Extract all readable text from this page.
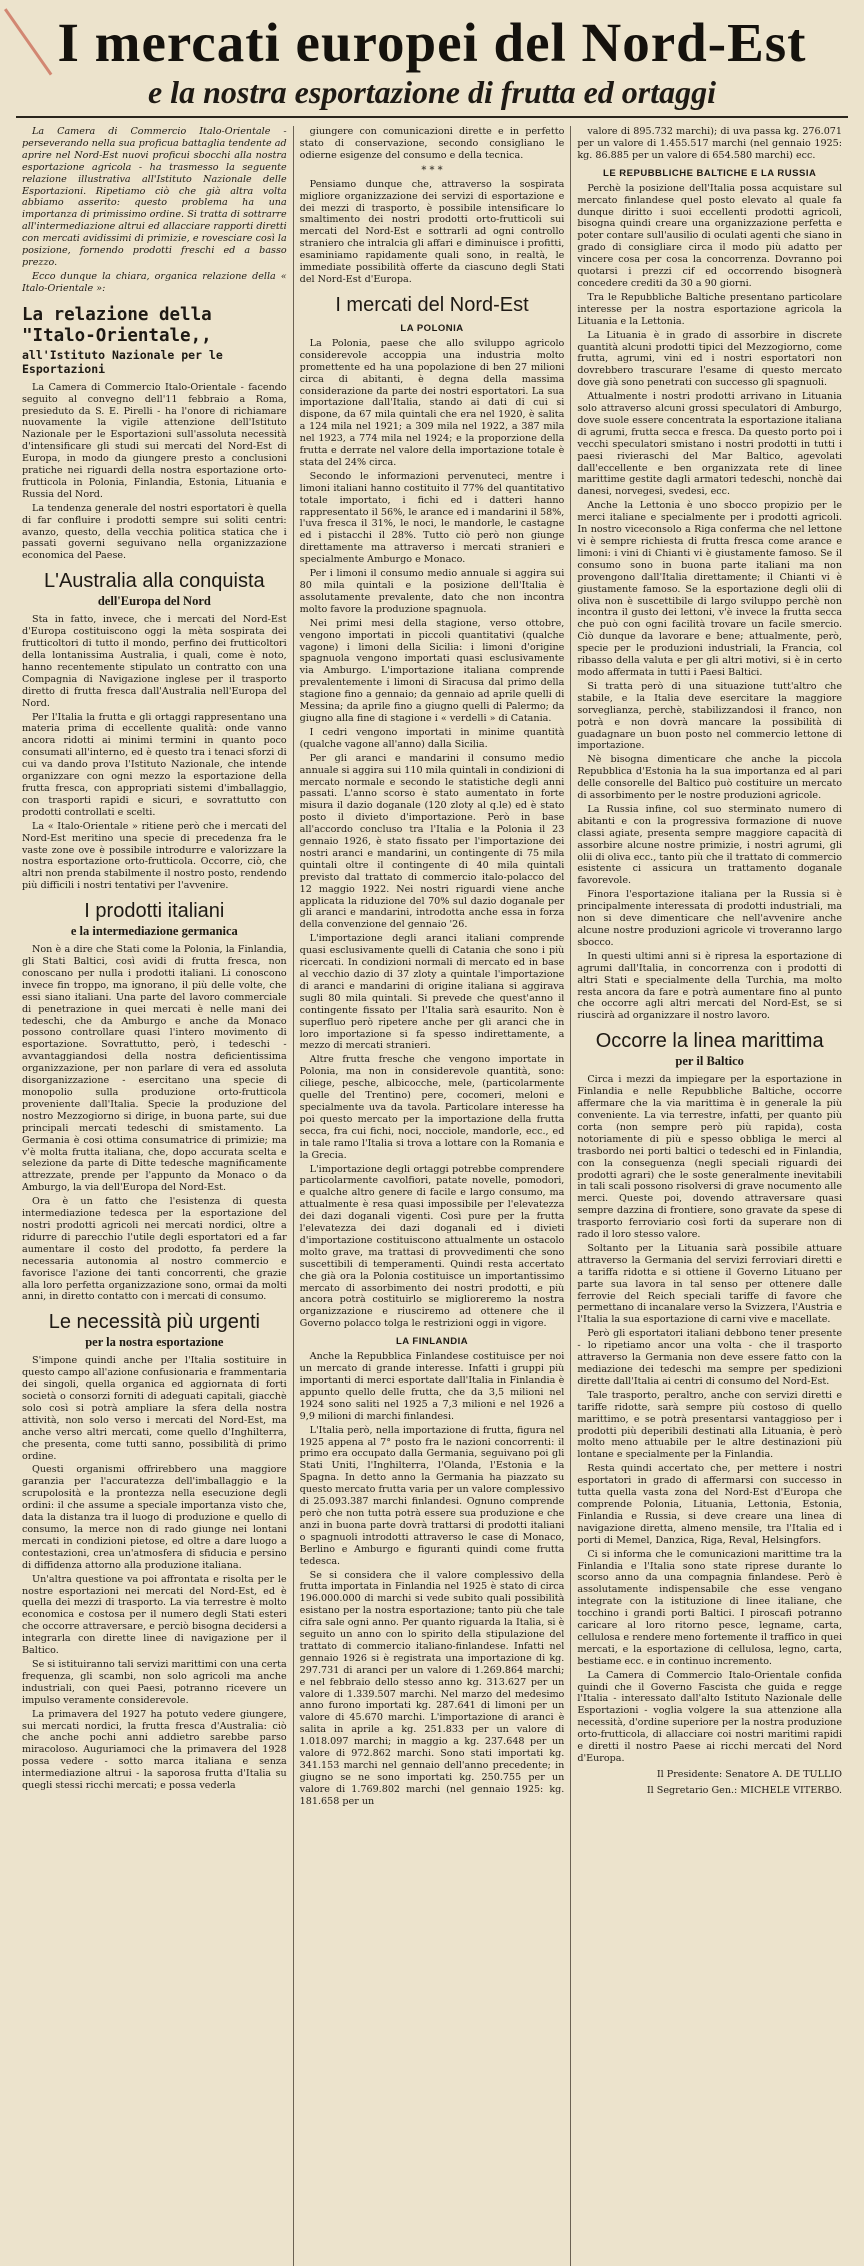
I mercati europei del Nord-Est
e la nostra esportazione di frutta ed ortaggi

La Camera di Commercio Italo-Orientale - perseverando nella sua proficua battaglia tendente ad aprire nel Nord-Est nuovi proficui sbocchi alla nostra esportazione agricola - ha trasmesso la seguente relazione illustrativa all'Istituto Nazionale delle Esportazioni. Ripetiamo ciò che già altra volta abbiamo asserito: questo problema ha una importanza di primissimo ordine. Si tratta di sottrarre all'intermediazione altrui ed allacciare rapporti diretti con mercati avidissimi di primizie, e rovesciare così la posizione, fornendo prodotti freschi ed a basso prezzo.

Ecco dunque la chiara, organica relazione della « Italo-Orientale »:

La relazione della "Italo-Orientale,,
all'Istituto Nazionale per le Esportazioni

La Camera di Commercio Italo-Orientale - facendo seguito al convegno dell'11 febbraio a Roma, presieduto da S. E. Pirelli - ha l'onore di richiamare nuovamente la vigile attenzione dell'Istituto Nazionale per le Esportazioni sull'assoluta necessità d'intensificare gli studi sui mercati del Nord-Est di Europa, in modo da giungere presto a conclusioni pratiche nei riguardi della nostra esportazione orto-frutticola in Polonia, Finlandia, Estonia, Lituania e Russia del Nord.

La tendenza generale del nostri esportatori è quella di far confluire i prodotti sempre sui soliti centri: avanzo, questo, della vecchia politica statica che i passati governi seguivano nella organizzazione economica del Paese.

L'Australia alla conquista
dell'Europa del Nord

Sta in fatto, invece, che i mercati del Nord-Est d'Europa costituiscono oggi la mèta sospirata dei frutticoltori di tutto il mondo, perfino dei frutticoltori della lontanissima Australia, i quali, come è noto, hanno recentemente stipulato un contratto con una Compagnia di Navigazione inglese per il trasporto diretto di frutta fresca dall'Australia nell'Europa del Nord.

Per l'Italia la frutta e gli ortaggi rappresentano una materia prima di eccellente qualità: onde vanno ancora ridotti ai minimi termini in quanto poco consumati all'interno, ed è questo tra i tenaci sforzi di cui va dando prova l'Istituto Nazionale, che intende organizzare con ogni mezzo la esportazione della frutta fresca, con appropriati sistemi d'imballaggio, con trasporti rapidi e sicuri, e sovrattutto con prodotti controllati e scelti.

La « Italo-Orientale » ritiene però che i mercati del Nord-Est meritino una specie di precedenza fra le vaste zone ove è possibile introdurre e valorizzare la nostra esportazione orto-frutticola. Occorre, ciò, che altri non prenda stabilmente il nostro posto, rendendo più difficili i nostri tentativi per l'avvenire.

I prodotti italiani
e la intermediazione germanica

Non è a dire che Stati come la Polonia, la Finlandia, gli Stati Baltici, così avidi di frutta fresca, non conoscano per nulla i prodotti italiani. Li conoscono invece fin troppo, ma ignorano, il più delle volte, che essi siano italiani. Una parte del lavoro commerciale di penetrazione in quei mercati è nelle mani dei tedeschi, che da Amburgo e anche da Monaco possono controllare quasi l'intero movimento di esportazione. Sovrattutto, però, i tedeschi - avvantaggiandosi della nostra deficientissima organizzazione, per non parlare di vera ed assoluta disorganizzazione - esercitano una specie di monopolio sulla produzione orto-frutticola proveniente dall'Italia. Specie la produzione del nostro Mezzogiorno si dirige, in buona parte, sui due principali mercati tedeschi di smistamento. La Germania è cosi ottima consumatrice di primizie; ma v'è molta frutta italiana, che, dopo accurata scelta e selezione da parte di Ditte tedesche magnificamente attrezzate, prende per l'appunto da Monaco o da Amburgo, la via dell'Europa del Nord-Est.

Ora è un fatto che l'esistenza di questa intermediazione tedesca per la esportazione del nostri prodotti agricoli nei mercati nordici, oltre a ridurre di parecchio l'utile degli esportatori ed a far aumentare il costo del prodotto, fa perdere la necessaria autonomia al nostro commercio e favorisce l'azione dei tanti concorrenti, che grazie alla loro perfetta organizzazione sono, ormai da molti anni, in diretto contatto con i mercati di consumo.

Le necessità più urgenti
per la nostra esportazione

S'impone quindi anche per l'Italia sostituire in questo campo all'azione confusionaria e frammentaria dei singoli, quella organica ed aggiornata di forti società o consorzi forniti di adeguati capitali, giacchè solo così si potrà ampliare la sfera della nostra attività, non solo verso i mercati del Nord-Est, ma anche verso altri mercati, come quello d'Inghilterra, che presenta, come tutti sanno, possibilità di primo ordine.

Questi organismi offrirebbero una maggiore garanzia per l'accuratezza dell'imballaggio e la scrupolosità e la prontezza nella esecuzione degli ordini: il che assume a speciale importanza visto che, data la distanza tra il luogo di produzione e quello di consumo, la merce non di rado giunge nei lontani mercati in condizioni pietose, ed oltre a dare luogo a contestazioni, crea un'atmosfera di sfiducia e persino di diffidenza attorno alla produzione italiana.

Un'altra questione va poi affrontata e risolta per le nostre esportazioni nei mercati del Nord-Est, ed è quella dei mezzi di trasporto. La via terrestre è molto economica e costosa per il numero degli Stati esteri che occorre attraversare, e perciò bisogna decidersi a integrarla con dirette linee di navigazione per il Baltico.

Se si istituiranno tali servizi marittimi con una certa frequenza, gli scambi, non solo agricoli ma anche industriali, con quei Paesi, potranno ricevere un impulso veramente considerevole.

La primavera del 1927 ha potuto vedere giungere, sui mercati nordici, la frutta fresca d'Australia: ciò che anche pochi anni addietro sarebbe parso miracoloso. Auguriamoci che la primavera del 1928 possa vedere - sotto marca italiana e senza intermediazione altrui - la saporosa frutta d'Italia su quegli stessi ricchi mercati; e possa vederla

giungere con comunicazioni dirette e in perfetto stato di conservazione, secondo consigliano le odierne esigenze del consumo e della tecnica.

* * *

Pensiamo dunque che, attraverso la sospirata migliore organizzazione dei servizi di esportazione e dei mezzi di trasporto, è possibile intensificare lo smaltimento dei nostri prodotti orto-frutticoli sui mercati del Nord-Est e sottrarli ad ogni controllo straniero che intralcia gli affari e diminuisce i profitti, esaminiamo rapidamente quali sono, in realtà, le immediate possibilità offerte da ciascuno degli Stati del Nord-Est d'Europa.

I mercati del Nord-Est
LA POLONIA

La Polonia, paese che allo sviluppo agricolo considerevole accoppia una industria molto promettente ed ha una popolazione di ben 27 milioni circa di abitanti, è degna della massima considerazione da parte dei nostri esportatori. La sua importazione dall'Italia, stando ai dati di cui si dispone, da 67 mila quintali che era nel 1920, è salita a 124 mila nel 1921; a 309 mila nel 1922, a 387 mila nel 1923, a 774 mila nel 1924; e la proporzione della frutta e derrate nel valore della importazione totale è stata del 24% circa.

Secondo le informazioni pervenuteci, mentre i limoni italiani hanno costituito il 77% del quantitativo totale importato, i fichi ed i datteri hanno rappresentato il 56%, le arance ed i mandarini il 58%, l'uva fresca il 31%, le noci, le mandorle, le castagne ed i pistacchi il 28%. Tutto ciò però non giunge direttamente ma attraverso i mercati stranieri e specialmente Amburgo e Monaco.

Per i limoni il consumo medio annuale si aggira sui 80 mila quintali e la posizione dell'Italia è assolutamente prevalente, dato che non incontra molto favore la produzione spagnuola.

Nei primi mesi della stagione, verso ottobre, vengono importati in piccoli quantitativi (qualche vagone) i limoni della Sicilia: i limoni d'origine spagnuola vengono importati quasi esclusivamente via Amburgo. L'importazione italiana comprende prevalentemente i limoni di Siracusa dal primo della stagione fino a gennaio; da gennaio ad aprile quelli di Messina; da aprile fino a giugno quelli di Palermo; da giugno alla fine di stagione i « verdelli » di Catania.

I cedri vengono importati in minime quantità (qualche vagone all'anno) dalla Sicilia.

Per gli aranci e mandarini il consumo medio annuale si aggira sui 110 mila quintali in condizioni di mercato normale e secondo le statistiche degli anni passati. L'anno scorso è stato aumentato in forte misura il dazio doganale (120 zloty al q.le) ed è stato posto il divieto d'importazione. Però in base all'accordo concluso tra l'Italia e la Polonia il 23 gennaio 1926, è stato fissato per l'importazione dei nostri aranci e mandarini, un contingente di 75 mila quintali oltre il contingente di 40 mila quintali previsto dal trattato di commercio italo-polacco del 12 maggio 1922. Nei nostri riguardi viene anche applicata la riduzione del 70% sul dazio doganale per gli aranci e mandarini, introdotta anche essa in forza della convenzione del gennaio '26.

L'importazione degli aranci italiani comprende quasi esclusivamente quelli di Catania che sono i più ricercati. In condizioni normali di mercato ed in base al vecchio dazio di 37 zloty a quintale l'importazione di aranci e mandarini di origine italiana si aggirava sugli 80 mila quintali. Si prevede che quest'anno il contingente fissato per l'Italia sarà esaurito. Non è superfluo però ripetere anche per gli aranci che in loro importazione si fa spesso indirettamente, a mezzo di mercati stranieri.

Altre frutta fresche che vengono importate in Polonia, ma non in considerevole quantità, sono: ciliege, pesche, albicocche, mele, (particolarmente quelle del Trentino) pere, cocomeri, meloni e specialmente uva da tavola. Particolare interesse ha poi questo mercato per la importazione della frutta secca, fra cui fichi, noci, nocciole, mandorle, ecc., ed in tale ramo l'Italia si trova a lottare con la Romania e la Grecia.

L'importazione degli ortaggi potrebbe comprendere particolarmente cavolfiori, patate novelle, pomodori, e qualche altro genere di facile e largo consumo, ma attualmente è resa quasi impossibile per l'elevatezza dei dazi doganali vigenti. Così pure per la frutta l'elevatezza dei dazi doganali ed i divieti d'importazione costituiscono attualmente un ostacolo molto grave, ma trattasi di provvedimenti che sono suscettibili di temperamenti. Quindi resta accertato che già ora la Polonia costituisce un importantissimo mercato di assorbimento dei nostri prodotti, e più ancora potrà costituirlo se miglioreremo la nostra organizzazione e riusciremo ad ottenere che il Governo polacco tolga le restrizioni oggi in vigore.

LA FINLANDIA

Anche la Repubblica Finlandese costituisce per noi un mercato di grande interesse. Infatti i gruppi più importanti di merci esportate dall'Italia in Finlandia è appunto quello delle frutta, che da 3,5 milioni nel 1924 sono saliti nel 1925 a 7,3 milioni e nel 1926 a 9,9 milioni di marchi finlandesi.

L'Italia però, nella importazione di frutta, figura nel 1925 appena al 7° posto fra le nazioni concorrenti: il primo era occupato dalla Germania, seguivano poi gli Stati Uniti, l'Inghilterra, l'Olanda, l'Estonia e la Spagna. In detto anno la Germania ha piazzato su questo mercato frutta varia per un valore complessivo di 25.093.387 marchi finlandesi. Ognuno comprende però che non tutta potrà essere sua produzione e che anzi in buona parte dovrà trattarsi di prodotti italiani o spagnuoli introdotti attraverso le case di Monaco, Berlino e Amburgo e figuranti quindi come frutta tedesca.

Se si considera che il valore complessivo della frutta importata in Finlandia nel 1925 è stato di circa 196.000.000 di marchi si vede subito quali possibilità esistano per la nostra esportazione; tanto più che tale cifra sale ogni anno. Per quanto riguarda la Italia, si è seguito un anno con lo spirito della stipulazione del trattato di commercio italiano-finlandese. Infatti nel gennaio 1926 si è registrata una importazione di kg. 297.731 di aranci per un valore di 1.269.864 marchi; e nel febbraio dello stesso anno kg. 313.627 per un valore di 1.339.507 marchi. Nel marzo del medesimo anno furono importati kg. 287.641 di limoni per un valore di 45.670 marchi. L'importazione di aranci è salita in aprile a kg. 251.833 per un valore di 1.018.097 marchi; in maggio a kg. 237.648 per un valore di 972.862 marchi. Sono stati importati kg. 341.153 marchi nel gennaio dell'anno precedente; in giugno se ne sono importati kg. 250.755 per un valore di 1.769.802 marchi (nel gennaio 1925: kg. 181.658 per un

valore di 895.732 marchi); di uva passa kg. 276.071 per un valore di 1.455.517 marchi (nel gennaio 1925: kg. 86.885 per un valore di 654.580 marchi) ecc.

LE REPUBBLICHE BALTICHE E LA RUSSIA

Perchè la posizione dell'Italia possa acquistare sul mercato finlandese quel posto elevato al quale fa dunque diritto i suoi eccellenti prodotti agricoli, bisogna quindi creare una organizzazione perfetta e poter contare sull'ausilio di oculati agenti che siano in grado di consigliare circa il modo più adatto per vincere cosa per cosa la concorrenza. Dovranno poi quotarsi i prezzi cif ed occorrendo bisognerà concedere crediti da 30 a 90 giorni.

Tra le Repubbliche Baltiche presentano particolare interesse per la nostra esportazione agricola la Lituania e la Lettonia.

La Lituania è in grado di assorbire in discrete quantità alcuni prodotti tipici del Mezzogiorno, come frutta, agrumi, vini ed i nostri esportatori non dovrebbero trascurare l'esame di questo mercato dove già sono penetrati con successo gli spagnuoli.

Attualmente i nostri prodotti arrivano in Lituania solo attraverso alcuni grossi speculatori di Amburgo, dove suole essere concentrata la esportazione italiana di agrumi, frutta secca e fresca. Da questo porto poi i vecchi speculatori smistano i nostri prodotti in tutti i paesi rivieraschi del Mar Baltico, agevolati dall'eccellente e ben organizzata rete di linee marittime gestite dagli armatori tedeschi, nonchè dai danesi, norvegesi, svedesi, ecc.

Anche la Lettonia è uno sbocco propizio per le merci italiane e specialmente per i prodotti agricoli. In nostro viceconsolo a Riga conferma che nel lettone vi è sempre richiesta di frutta fresca come arance e limoni: i vini di Chianti vi è giustamente famoso. Se il consumo sono in buona parte italiani ma non provengono dall'Italia direttamente; il Chianti vi è giustamente famoso. Se la esportazione degli olii di oliva non è suscettibile di largo sviluppo perchè non incontra il gusto dei lettoni, v'è invece la frutta secca che può con ogni facilità trovare un facile smercio. Ciò dunque da lavorare e bene; attualmente, però, specie per le produzioni industriali, la Francia, col ribasso della valuta e per gli altri motivi, si è in certo modo affermata in tutti i Paesi Baltici.

Si tratta però di una situazione tutt'altro che stabile, e la Italia deve esercitare la maggiore sorveglianza, perchè, stabilizzandosi il franco, non potrà e non dovrà mancare la possibilità di guadagnare un buon posto nel commercio lettone di importazione.

Nè bisogna dimenticare che anche la piccola Repubblica d'Estonia ha la sua importanza ed al pari delle consorelle del Baltico può costituire un mercato di assorbimento per le nostre produzioni agricole.

La Russia infine, col suo sterminato numero di abitanti e con la progressiva formazione di nuove classi agiate, presenta sempre maggiore capacità di assorbire alcune nostre primizie, i nostri agrumi, gli olii di oliva ecc., tanto più che il trattato di commercio esistente ci assicura un trattamento doganale favorevole.

Finora l'esportazione italiana per la Russia si è principalmente interessata di prodotti industriali, ma non si deve dimenticare che nell'avvenire anche alcune nostre produzioni agricole vi troveranno largo sbocco.

In questi ultimi anni si è ripresa la esportazione di agrumi dall'Italia, in concorrenza con i prodotti di altri Stati e specialmente della Turchia, ma molto resta ancora da fare e potrà aumentare fino al punto che occorre agli altri mercati del Nord-Est, se si riuscirà ad organizzare il nostro lavoro.

Occorre la linea marittima
per il Baltico

Circa i mezzi da impiegare per la esportazione in Finlandia e nelle Repubbliche Baltiche, occorre affermare che la via marittima è in generale la più conveniente. La via terrestre, infatti, per quanto più corta (non sempre però più rapida), costa notoriamente di più e spesso obbliga le merci al trasbordo nei porti baltici o tedeschi ed in Finlandia, con la conseguenza (negli speciali riguardi dei prodotti agrari) che le soste generalmente inevitabili in tali scali possono risolversi di grave nocumento alle merci. Queste poi, dovendo attraversare quasi sempre dazzina di frontiere, sono gravate da spese di trasporto ferroviario così forti da superare non di rado il loro stesso valore.

Soltanto per la Lituania sarà possibile attuare attraverso la Germania del servizi ferroviari diretti e a tariffa ridotta e si ottiene il Governo Lituano per parte sua lavora in tal senso per ottenere dalle ferrovie del Reich speciali tariffe di favore che permettano di incanalare verso la Svizzera, l'Austria e l'Italia la sua esportazione di carni vive e macellate.

Però gli esportatori italiani debbono tener presente - lo ripetiamo ancor una volta - che il trasporto attraverso la Germania non deve essere fatto con la mediazione dei tedeschi ma sempre per spedizioni dirette dall'Italia ai centri di consumo del Nord-Est.

Tale trasporto, peraltro, anche con servizi diretti e tariffe ridotte, sarà sempre più costoso di quello marittimo, e se potrà presentarsi vantaggioso per i prodotti più deperibili destinati alla Lituania, è però molto meno attuabile per le altre destinazioni più lontane e specialmente per la Finlandia.

Resta quindi accertato che, per mettere i nostri esportatori in grado di affermarsi con successo in tutta quella vasta zona del Nord-Est d'Europa che comprende Polonia, Lituania, Lettonia, Estonia, Finlandia e Russia, si deve creare una linea di navigazione diretta, almeno mensile, tra l'Italia ed i porti di Memel, Danzica, Riga, Reval, Helsingfors.

Ci si informa che le comunicazioni marittime tra la Finlandia e l'Italia sono state riprese durante lo scorso anno da una compagnia finlandese. Però è assolutamente indispensabile che esse vengano integrate con la istituzione di linee italiane, che tocchino i grandi porti Baltici. I piroscafi potranno caricare al loro ritorno pesce, legname, carta, cellulosa e rendere meno fortemente il traffico in quei mercati, e la esportazione di cellulosa, legno, carta, bestiame ecc. e in continuo incremento.

La Camera di Commercio Italo-Orientale confida quindi che il Governo Fascista che guida e regge l'Italia - interessato dall'alto Istituto Nazionale delle Esportazioni - voglia volgere la sua attenzione alla necessità, d'ordine superiore per la nostra produzione orto-frutticola, di allacciare coi nostri maritimi rapidi e diretti il nostro Paese ai ricchi mercati del Nord d'Europa.

Il Presidente: Senatore A. DE TULLIO
Il Segretario Gen.: MICHELE VITERBO.
